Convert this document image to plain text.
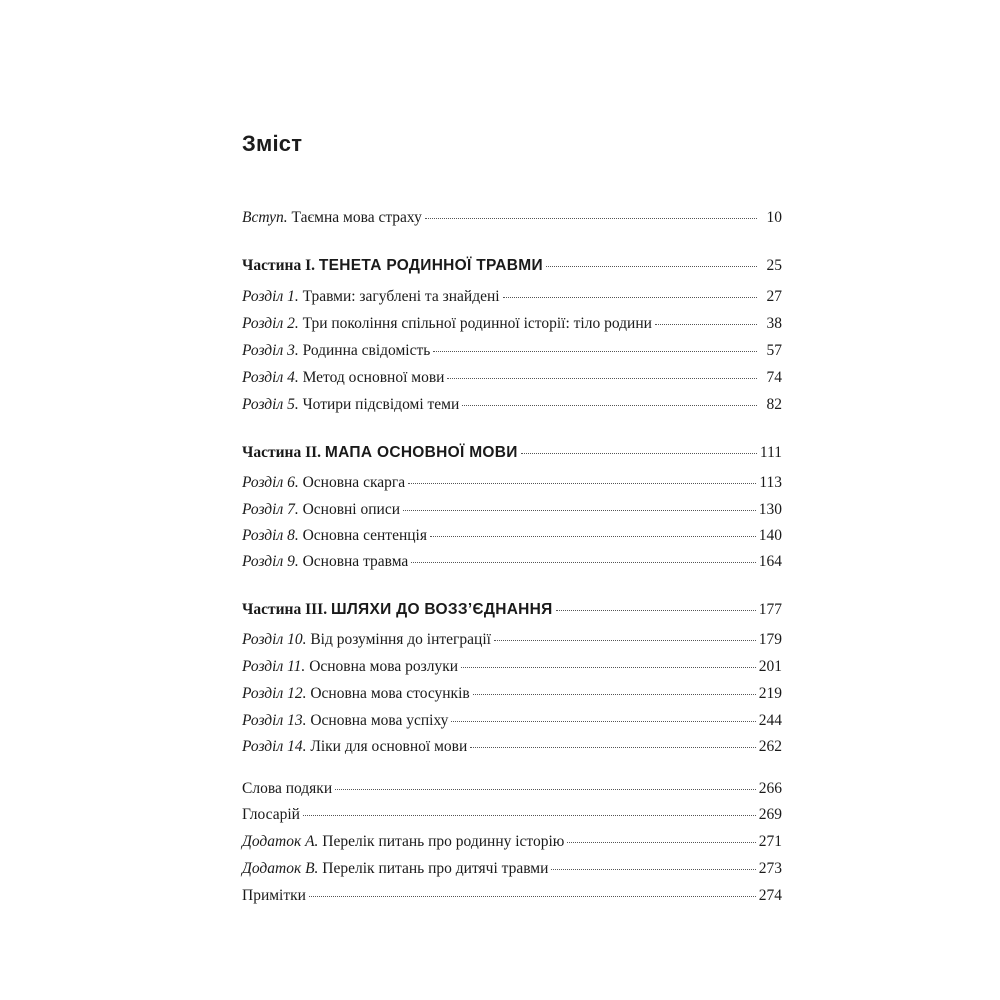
Зміст
Вступ. Таємна мова страху	10
Частина І. ТЕНЕТА РОДИННОЇ ТРАВМИ	25
Розділ 1. Травми: загублені та знайдені	27
Розділ 2. Три покоління спільної родинної історії: тіло родини	38
Розділ 3. Родинна свідомість	57
Розділ 4. Метод основної мови	74
Розділ 5. Чотири підсвідомі теми	82
Частина ІІ. МАПА ОСНОВНОЇ МОВИ	111
Розділ 6. Основна скарга	113
Розділ 7. Основні описи	130
Розділ 8. Основна сентенція	140
Розділ 9. Основна травма	164
Частина ІІІ. ШЛЯХИ ДО ВОЗЗ’ЄДНАННЯ	177
Розділ 10. Від розуміння до інтеграції	179
Розділ 11. Основна мова розлуки	201
Розділ 12. Основна мова стосунків	219
Розділ 13. Основна мова успіху	244
Розділ 14. Ліки для основної мови	262
Слова подяки	266
Глосарій	269
Додаток А. Перелік питань про родинну історію	271
Додаток В. Перелік питань про дитячі травми	273
Примітки	274
